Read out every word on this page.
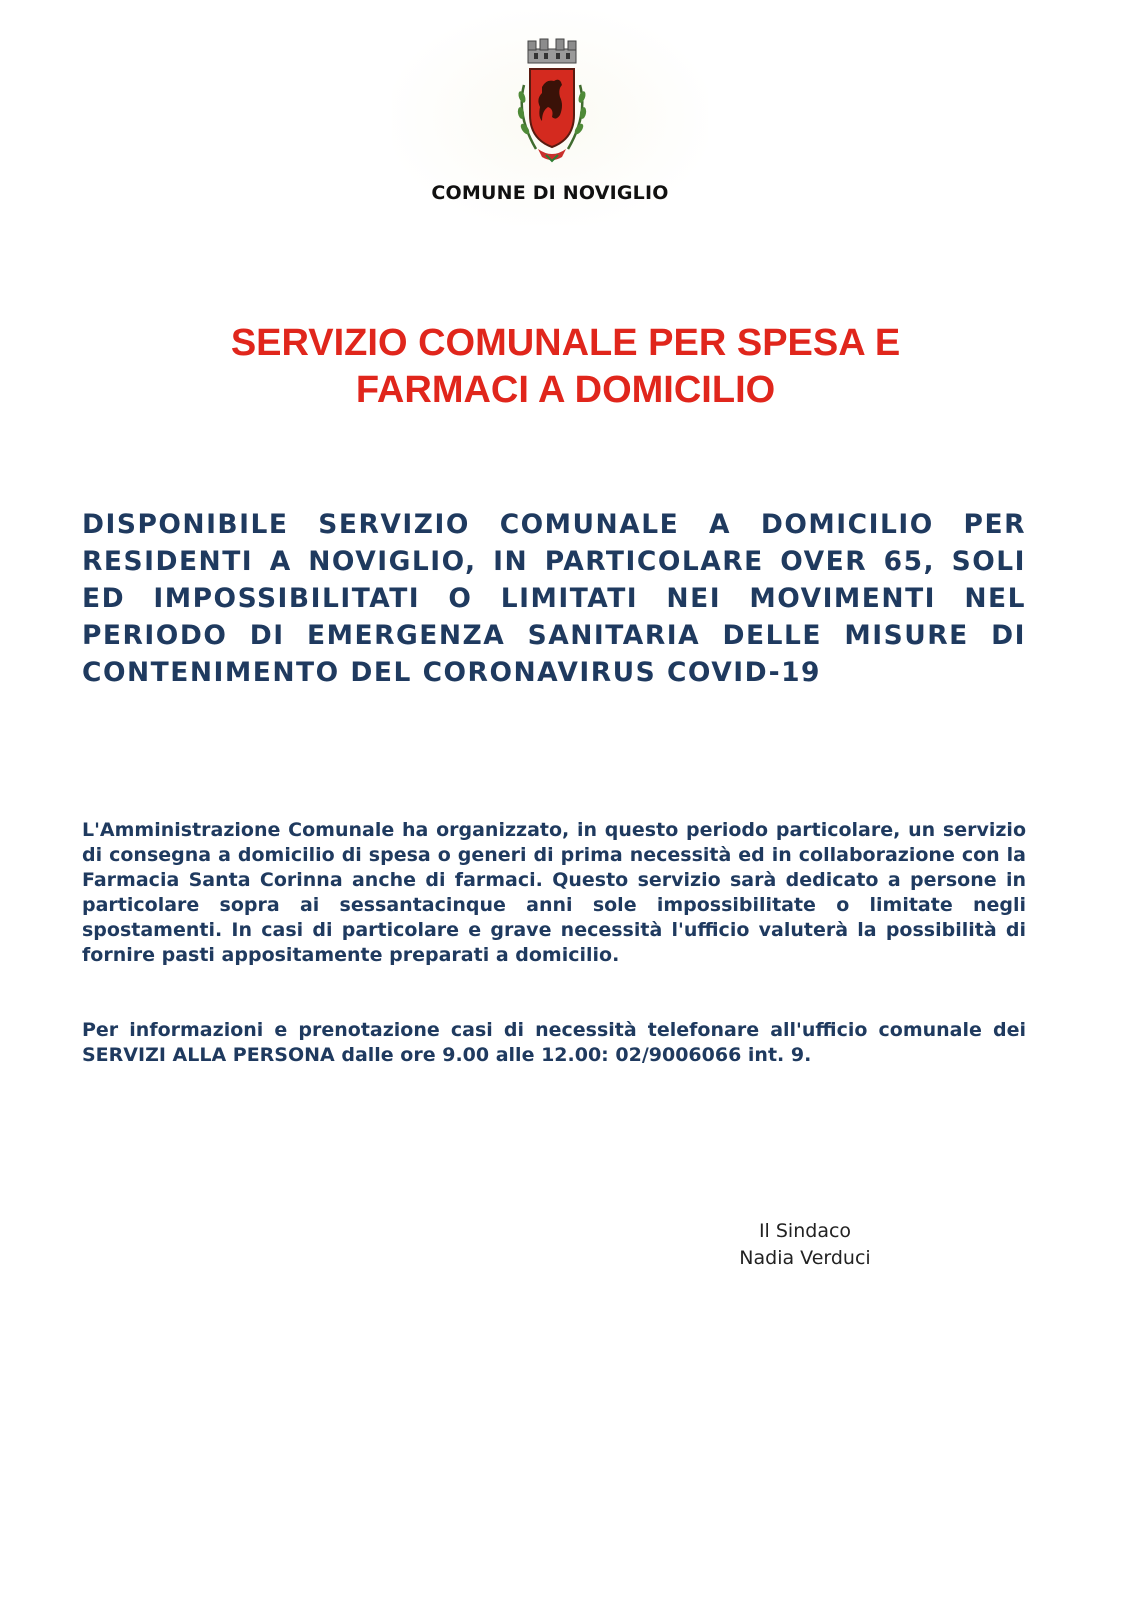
COMUNE DI NOVIGLIO
SERVIZIO COMUNALE PER SPESA E
FARMACI A DOMICILIO
DISPONIBILE SERVIZIO COMUNALE A DOMICILIO PER RESIDENTI A NOVIGLIO, IN PARTICOLARE OVER 65, SOLI ED IMPOSSIBILITATI O LIMITATI NEI MOVIMENTI NEL PERIODO DI EMERGENZA SANITARIA DELLE MISURE DI CONTENIMENTO DEL CORONAVIRUS COVID-19
L'Amministrazione Comunale ha organizzato, in questo periodo particolare, un servizio di consegna a domicilio di spesa o generi di prima necessità ed in collaborazione con la Farmacia Santa Corinna anche di farmaci. Questo servizio sarà dedicato a persone in particolare sopra ai sessantacinque anni sole impossibilitate o limitate negli spostamenti. In casi di particolare e grave necessità l'ufficio valuterà la possibilità di fornire pasti appositamente preparati a domicilio.
Per informazioni e prenotazione casi di necessità telefonare all'ufficio comunale dei SERVIZI ALLA PERSONA dalle ore 9.00 alle 12.00: 02/9006066 int. 9.
Il Sindaco
Nadia Verduci
